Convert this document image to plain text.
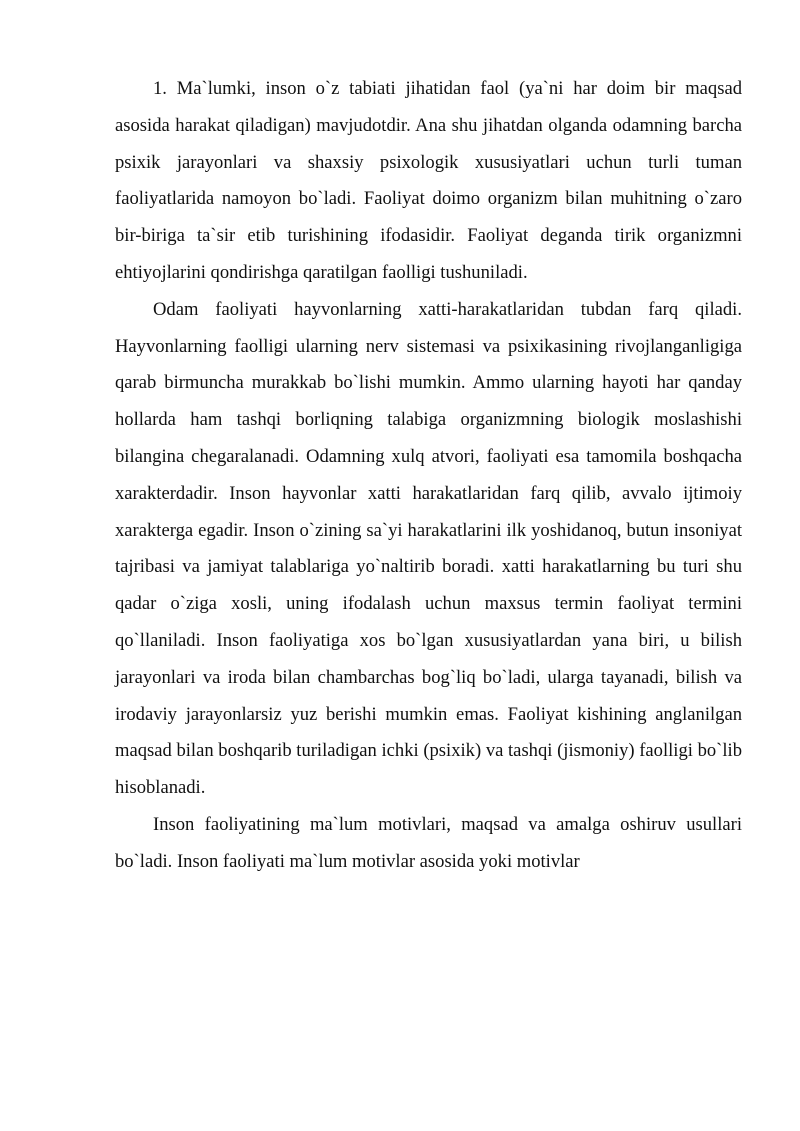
1. Ma`lumki, inson o`z tabiati jihatidan faol (ya`ni har doim bir maqsad asosida harakat qiladigan) mavjudotdir. Ana shu jihatdan olganda odamning barcha psixik jarayonlari va shaxsiy psixologik xususiyatlari uchun turli tuman faoliyatlarida namoyon bo`ladi. Faoliyat doimo organizm bilan muhitning o`zaro bir-biriga ta`sir etib turishining ifodasidir. Faoliyat deganda tirik organizmni ehtiyojlarini qondirishga qaratilgan faolligi tushuniladi.

Odam faoliyati hayvonlarning xatti-harakatlaridan tubdan farq qiladi. Hayvonlarning faolligi ularning nerv sistemasi va psixikasining rivojlanganligiga qarab birmuncha murakkab bo`lishi mumkin. Ammo ularning hayoti har qanday hollarda ham tashqi borliqning talabiga organizmning biologik moslashishi bilangina chegaralanadi. Odamning xulq atvori, faoliyati esa tamomila boshqacha xarakterdadir. Inson hayvonlar xatti harakatlaridan farq qilib, avvalo ijtimoiy xarakterga egadir. Inson o`zining sa`yi harakatlarini ilk yoshidanoq, butun insoniyat tajribasi va jamiyat talablariga yo`naltirib boradi. xatti harakatlarning bu turi shu qadar o`ziga xosli, uning ifodalash uchun maxsus termin faoliyat termini qo`llaniladi. Inson faoliyatiga xos bo`lgan xususiyatlardan yana biri, u bilish jarayonlari va iroda bilan chambarchas bog`liq bo`ladi, ularga tayanadi, bilish va irodaviy jarayonlarsiz yuz berishi mumkin emas. Faoliyat kishining anglanilgan maqsad bilan boshqarib turiladigan ichki (psixik) va tashqi (jismoniy) faolligi bo`lib hisoblanadi.

Inson faoliyatining ma`lum motivlari, maqsad va amalga oshiruv usullari bo`ladi. Inson faoliyati ma`lum motivlar asosida yoki motivlar
